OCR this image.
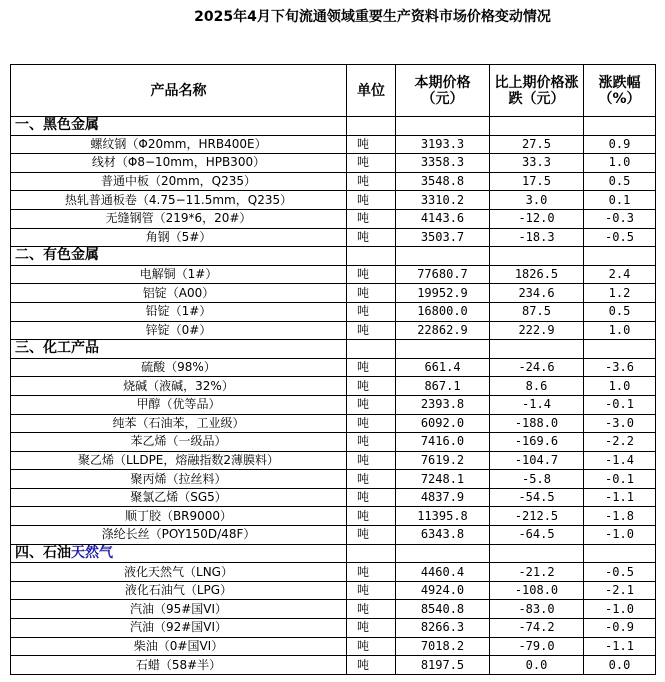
2025年4月下旬流通领域重要生产资料市场价格变动情况
产品名称	单位	本期价格（元）	比上期价格涨跌（元）	涨跌幅（%）
一、黑色金属				
螺纹钢（Φ20mm，HRB400E）	吨	3193.3	27.5	0.9
线材（Φ8−10mm，HPB300）	吨	3358.3	33.3	1.0
普通中板（20mm，Q235）	吨	3548.8	17.5	0.5
热轧普通板卷（4.75−11.5mm，Q235）	吨	3310.2	3.0	0.1
无缝钢管（219*6，20#）	吨	4143.6	-12.0	-0.3
角钢（5#）	吨	3503.7	-18.3	-0.5
二、有色金属				
电解铜（1#）	吨	77680.7	1826.5	2.4
铝锭（A00）	吨	19952.9	234.6	1.2
铅锭（1#）	吨	16800.0	87.5	0.5
锌锭（0#）	吨	22862.9	222.9	1.0
三、化工产品				
硫酸（98%）	吨	661.4	-24.6	-3.6
烧碱（液碱，32%）	吨	867.1	8.6	1.0
甲醇（优等品）	吨	2393.8	-1.4	-0.1
纯苯（石油苯，工业级）	吨	6092.0	-188.0	-3.0
苯乙烯（一级品）	吨	7416.0	-169.6	-2.2
聚乙烯（LLDPE，熔融指数2薄膜料）	吨	7619.2	-104.7	-1.4
聚丙烯（拉丝料）	吨	7248.1	-5.8	-0.1
聚氯乙烯（SG5）	吨	4837.9	-54.5	-1.1
顺丁胶（BR9000）	吨	11395.8	-212.5	-1.8
涤纶长丝（POY150D/48F）	吨	6343.8	-64.5	-1.0
四、石油天然气				
液化天然气（LNG）	吨	4460.4	-21.2	-0.5
液化石油气（LPG）	吨	4924.0	-108.0	-2.1
汽油（95#国VI）	吨	8540.8	-83.0	-1.0
汽油（92#国VI）	吨	8266.3	-74.2	-0.9
柴油（0#国VI）	吨	7018.2	-79.0	-1.1
石蜡（58#半）	吨	8197.5	0.0	0.0
